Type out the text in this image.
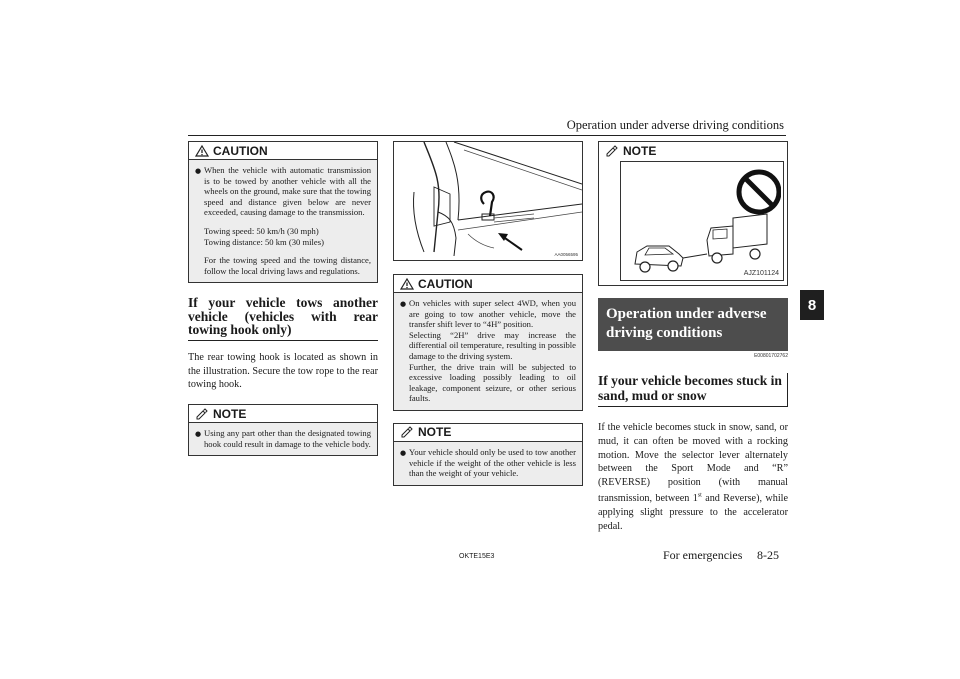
Operation under adverse driving conditions
8
CAUTION
● When the vehicle with automatic transmission is to be towed by another vehicle with all the wheels on the ground, make sure that the towing speed and distance given below are never exceeded, causing damage to the transmission.

Towing speed: 50 km/h (30 mph)
Towing distance: 50 km (30 miles)

For the towing speed and the towing distance, follow the local driving laws and regulations.

If your vehicle tows another vehicle (vehicles with rear towing hook only)
The rear towing hook is located as shown in the illustration. Secure the tow rope to the rear towing hook.
NOTE
● Using any part other than the designated towing hook could result in damage to the vehicle body.
AA0056595
CAUTION
● On vehicles with super select 4WD, when you are going to tow another vehicle, move the transfer shift lever to “4H” position.

Selecting “2H” drive may increase the differential oil temperature, resulting in possible damage to the driving system.
Further, the drive train will be subjected to excessive loading possibly leading to oil leakage, component seizure, or other serious faults.

NOTE
● Your vehicle should only be used to tow another vehicle if the weight of the other vehicle is less than the weight of your vehicle.
NOTE
AJZ101124
Operation under adverse driving conditions
E00801702762
If your vehicle becomes stuck in sand, mud or snow
If the vehicle becomes stuck in snow, sand, or mud, it can often be moved with a rocking motion. Move the selector lever alternately between the Sport Mode and “R” (REVERSE) position (with manual transmission, between 1st and Reverse), while applying slight pressure to the accelerator pedal.
OKTE15E3	For emergencies 8-25
